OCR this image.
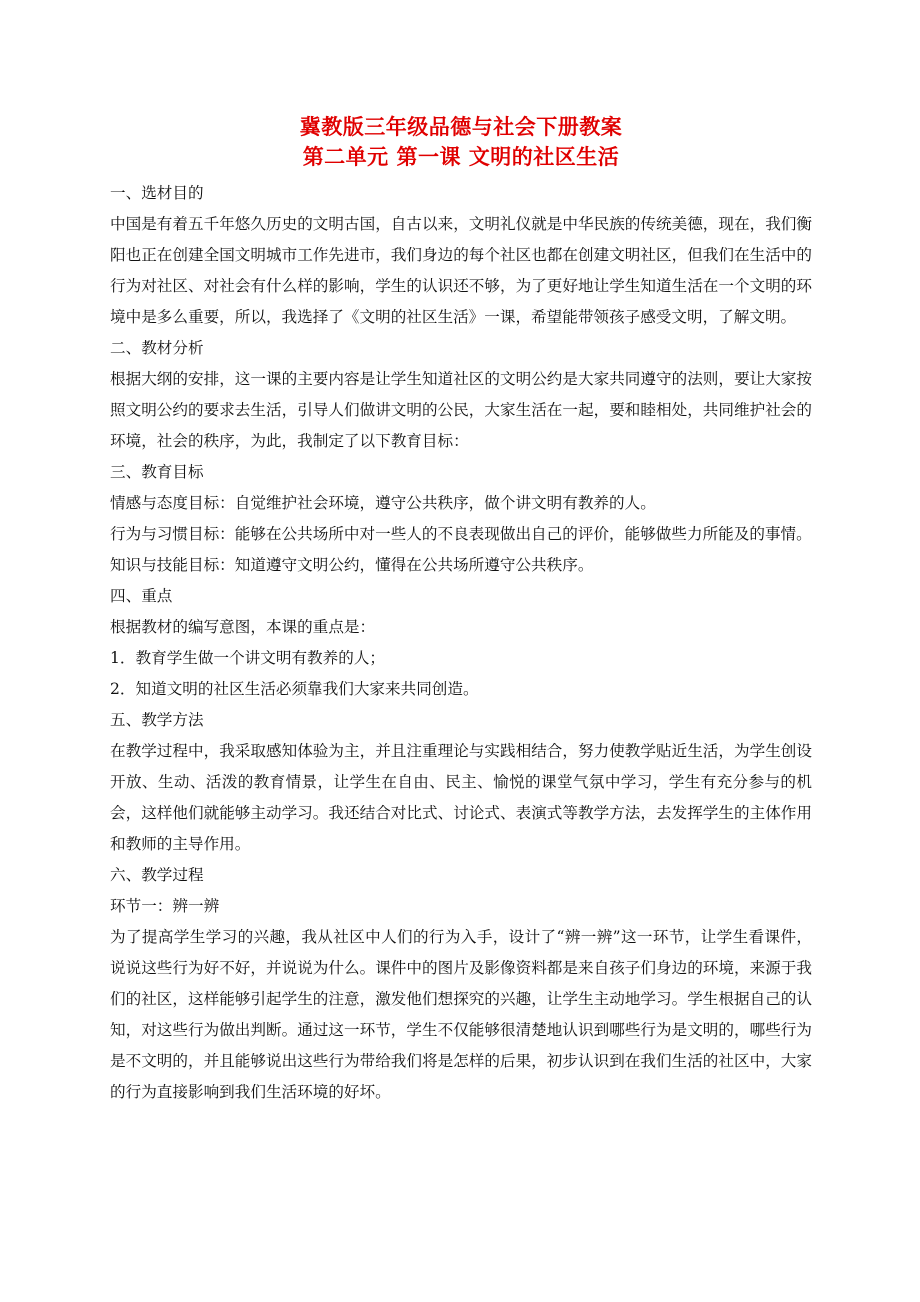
冀教版三年级品德与社会下册教案

第二单元 第一课 文明的社区生活

一、选材目的

中国是有着五千年悠久历史的文明古国，自古以来，文明礼仪就是中华民族的传统美德，现在，我们衡阳也正在创建全国文明城市工作先进市，我们身边的每个社区也都在创建文明社区，但我们在生活中的行为对社区、对社会有什么样的影响，学生的认识还不够，为了更好地让学生知道生活在一个文明的环境中是多么重要，所以，我选择了《文明的社区生活》一课，希望能带领孩子感受文明，了解文明。

二、教材分析

根据大纲的安排，这一课的主要内容是让学生知道社区的文明公约是大家共同遵守的法则，要让大家按照文明公约的要求去生活，引导人们做讲文明的公民，大家生活在一起，要和睦相处，共同维护社会的环境，社会的秩序，为此，我制定了以下教育目标：

三、教育目标

情感与态度目标：自觉维护社会环境，遵守公共秩序，做个讲文明有教养的人。

行为与习惯目标：能够在公共场所中对一些人的不良表现做出自己的评价，能够做些力所能及的事情。

知识与技能目标：知道遵守文明公约，懂得在公共场所遵守公共秩序。

四、重点

根据教材的编写意图，本课的重点是：

1．教育学生做一个讲文明有教养的人；

2．知道文明的社区生活必须靠我们大家来共同创造。

五、教学方法

在教学过程中，我采取感知体验为主，并且注重理论与实践相结合，努力使教学贴近生活，为学生创设开放、生动、活泼的教育情景，让学生在自由、民主、愉悦的课堂气氛中学习，学生有充分参与的机会，这样他们就能够主动学习。我还结合对比式、讨论式、表演式等教学方法，去发挥学生的主体作用和教师的主导作用。

六、教学过程

环节一：辨一辨

为了提高学生学习的兴趣，我从社区中人们的行为入手，设计了“辨一辨”这一环节，让学生看课件，说说这些行为好不好，并说说为什么。课件中的图片及影像资料都是来自孩子们身边的环境，来源于我们的社区，这样能够引起学生的注意，激发他们想探究的兴趣，让学生主动地学习。学生根据自己的认知，对这些行为做出判断。通过这一环节，学生不仅能够很清楚地认识到哪些行为是文明的，哪些行为是不文明的，并且能够说出这些行为带给我们将是怎样的后果，初步认识到在我们生活的社区中，大家的行为直接影响到我们生活环境的好坏。
